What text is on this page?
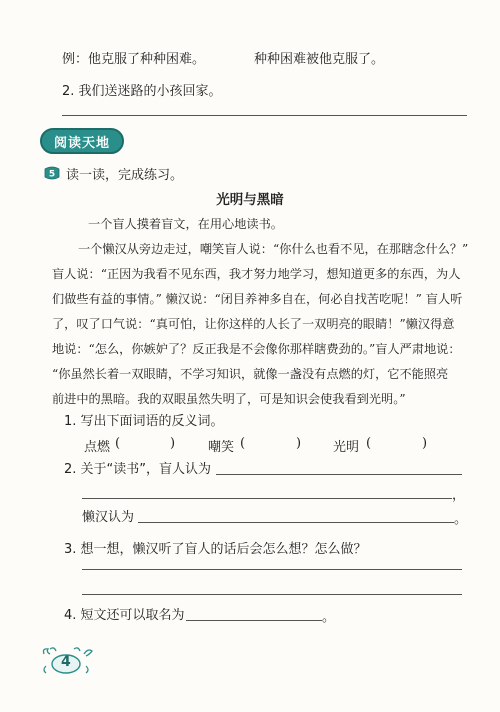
例：他克服了种种困难。	种种困难被他克服了。
2. 我们送迷路的小孩回家。
阅读天地
5 读一读，完成练习。
光明与黑暗
一个盲人摸着盲文，在用心地读书。
一个懒汉从旁边走过，嘲笑盲人说：“你什么也看不见，在那瞎念什么？”
盲人说：“正因为我看不见东西，我才努力地学习，想知道更多的东西，为人
们做些有益的事情。” 懒汉说：“闭目养神多自在，何必自找苦吃呢！” 盲人听
了，叹了口气说：“真可怕，让你这样的人长了一双明亮的眼睛！”懒汉得意
地说：“怎么，你嫉妒了？反正我是不会像你那样瞎费劲的。”盲人严肃地说：
“你虽然长着一双眼睛，不学习知识，就像一盏没有点燃的灯，它不能照亮
前进中的黑暗。我的双眼虽然失明了，可是知识会使我看到光明。”
1. 写出下面词语的反义词。
点燃 (	)	嘲笑 (	) 光明 (	)
2. 关于“读书”，盲人认为
，
懒汉认为	。
3. 想一想，懒汉听了盲人的话后会怎么想？怎么做？
4. 短文还可以取名为	。
4
